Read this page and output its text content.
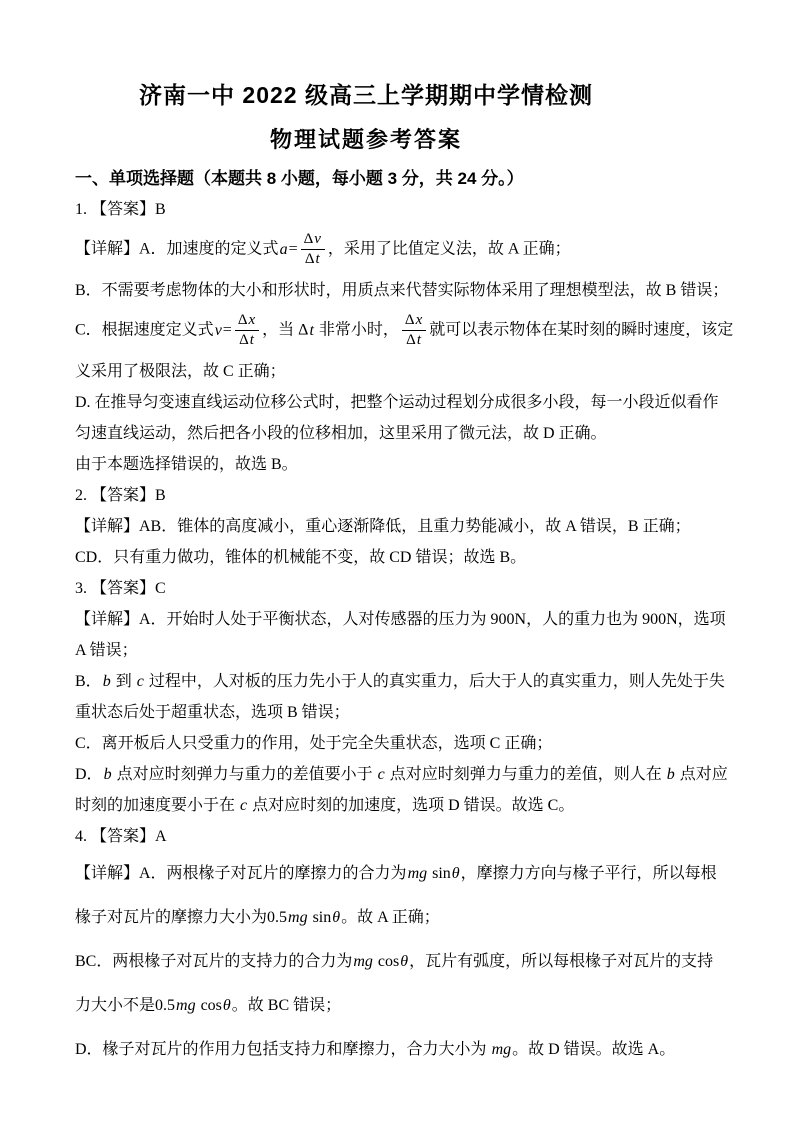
济南一中 2022 级高三上学期期中学情检测
物理试题参考答案
一、单项选择题（本题共 8 小题，每小题 3 分，共 24 分。）

1. 【答案】B

【详解】A．加速度的定义式$a= \frac{\Delta v}{\Delta t}$ ，采用了比值定义法，故 A 正确；

B．不需要考虑物体的大小和形状时，用质点来代替实际物体采用了理想模型法，故 B 错误；

C．根据速度定义式$v= \frac{\Delta x}{\Delta t}$ ，当 Δt 非常小时， $\frac{\Delta x}{\Delta t}$ 就可以表示物体在某时刻的瞬时速度，该定

义采用了极限法，故 C 正确；

D. 在推导匀变速直线运动位移公式时，把整个运动过程划分成很多小段，每一小段近似看作

匀速直线运动，然后把各小段的位移相加，这里采用了微元法，故 D 正确。

由于本题选择错误的，故选 B。

2. 【答案】B

【详解】AB．锥体的高度减小，重心逐渐降低，且重力势能减小，故 A 错误，B 正确；

CD．只有重力做功，锥体的机械能不变，故 CD 错误；故选 B。

3. 【答案】C

【详解】A．开始时人处于平衡状态，人对传感器的压力为 900N，人的重力也为 900N，选项

A 错误；

B．b 到 c 过程中，人对板的压力先小于人的真实重力，后大于人的真实重力，则人先处于失

重状态后处于超重状态，选项 B 错误；

C．离开板后人只受重力的作用，处于完全失重状态，选项 C 正确；

D．b 点对应时刻弹力与重力的差值要小于 c 点对应时刻弹力与重力的差值，则人在 b 点对应

时刻的加速度要小于在 c 点对应时刻的加速度，选项 D 错误。故选 C。

4. 【答案】A

【详解】A．两根椽子对瓦片的摩擦力的合力为mg sinθ，摩擦力方向与椽子平行，所以每根

椽子对瓦片的摩擦力大小为0.5mg sinθ。故 A 正确；

BC．两根椽子对瓦片的支持力的合力为mg cosθ，瓦片有弧度，所以每根椽子对瓦片的支持

力大小不是0.5mg cosθ。故 BC 错误；

D．椽子对瓦片的作用力包括支持力和摩擦力，合力大小为 mg。故 D 错误。故选 A。
